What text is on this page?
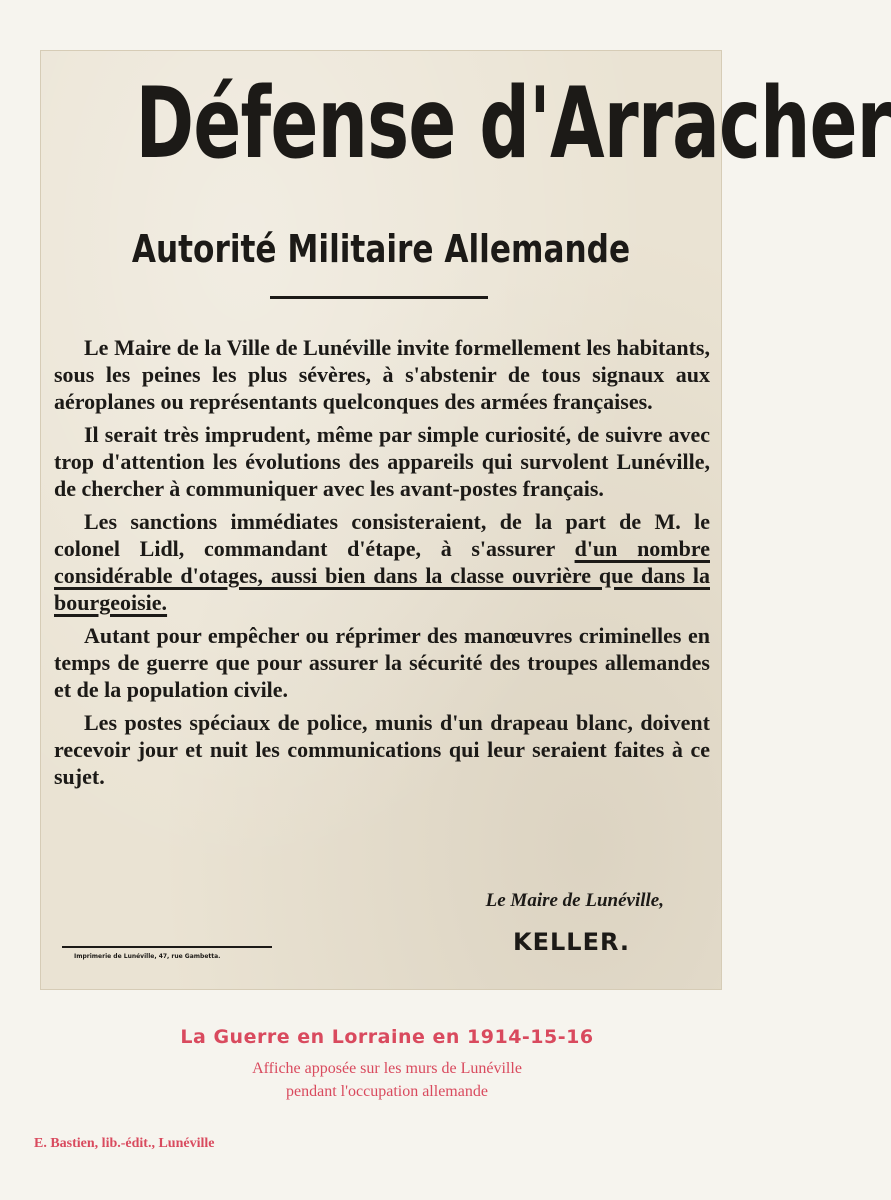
Défense d'Arracher
Autorité Militaire Allemande

Le Maire de la Ville de Lunéville invite formellement les habitants, sous les peines les plus sévères, à s'abstenir de tous signaux aux aéroplanes ou représentants quelconques des armées françaises.

Il serait très imprudent, même par simple curiosité, de suivre avec trop d'attention les évolutions des appareils qui survolent Lunéville, de chercher à communiquer avec les avant-postes français.

Les sanctions immédiates consisteraient, de la part de M. le colonel Lidl, commandant d'étape, à s'assurer d'un nombre considérable d'otages, aussi bien dans la classe ouvrière que dans la bourgeoisie.

Autant pour empêcher ou réprimer des manœuvres criminelles en temps de guerre que pour assurer la sécurité des troupes allemandes et de la population civile.

Les postes spéciaux de police, munis d'un drapeau blanc, doivent recevoir jour et nuit les communications qui leur seraient faites à ce sujet.

Le Maire de Lunéville,
KELLER.
Imprimerie de Lunéville, 47, rue Gambetta.
La Guerre en Lorraine en 1914-15-16
Affiche apposée sur les murs de Lunéville
pendant l'occupation allemande
E. Bastien, lib.-édit., Lunéville
